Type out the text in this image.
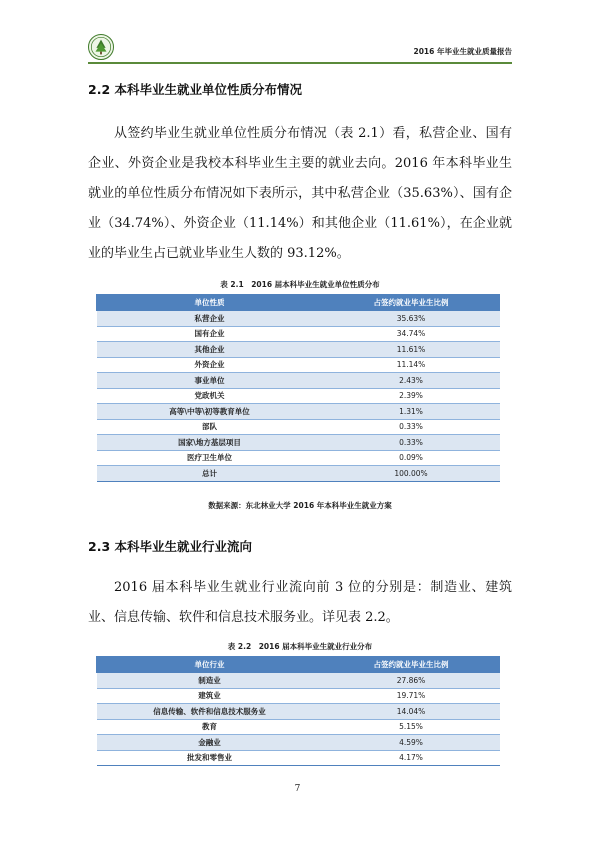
2016 年毕业生就业质量报告
2.2 本科毕业生就业单位性质分布情况
从签约毕业生就业单位性质分布情况（表 2.1）看，私营企业、国有企业、外资企业是我校本科毕业生主要的就业去向。2016 年本科毕业生就业的单位性质分布情况如下表所示，其中私营企业（35.63%）、国有企业（34.74%）、外资企业（11.14%）和其他企业（11.61%），在企业就业的毕业生占已就业毕业生人数的 93.12%。
表 2.1　2016 届本科毕业生就业单位性质分布
单位性质	占签约就业毕业生比例
私营企业	35.63%
国有企业	34.74%
其他企业	11.61%
外资企业	11.14%
事业单位	2.43%
党政机关	2.39%
高等\中等\初等教育单位	1.31%
部队	0.33%
国家\地方基层项目	0.33%
医疗卫生单位	0.09%
总计	100.00%
数据来源：东北林业大学 2016 年本科毕业生就业方案
2.3 本科毕业生就业行业流向
2016 届本科毕业生就业行业流向前 3 位的分别是：制造业、建筑业、信息传输、软件和信息技术服务业。详见表 2.2。
表 2.2　2016 届本科毕业生就业行业分布
单位行业	占签约就业毕业生比例
制造业	27.86%
建筑业	19.71%
信息传输、软件和信息技术服务业	14.04%
教育	5.15%
金融业	4.59%
批发和零售业	4.17%
7
